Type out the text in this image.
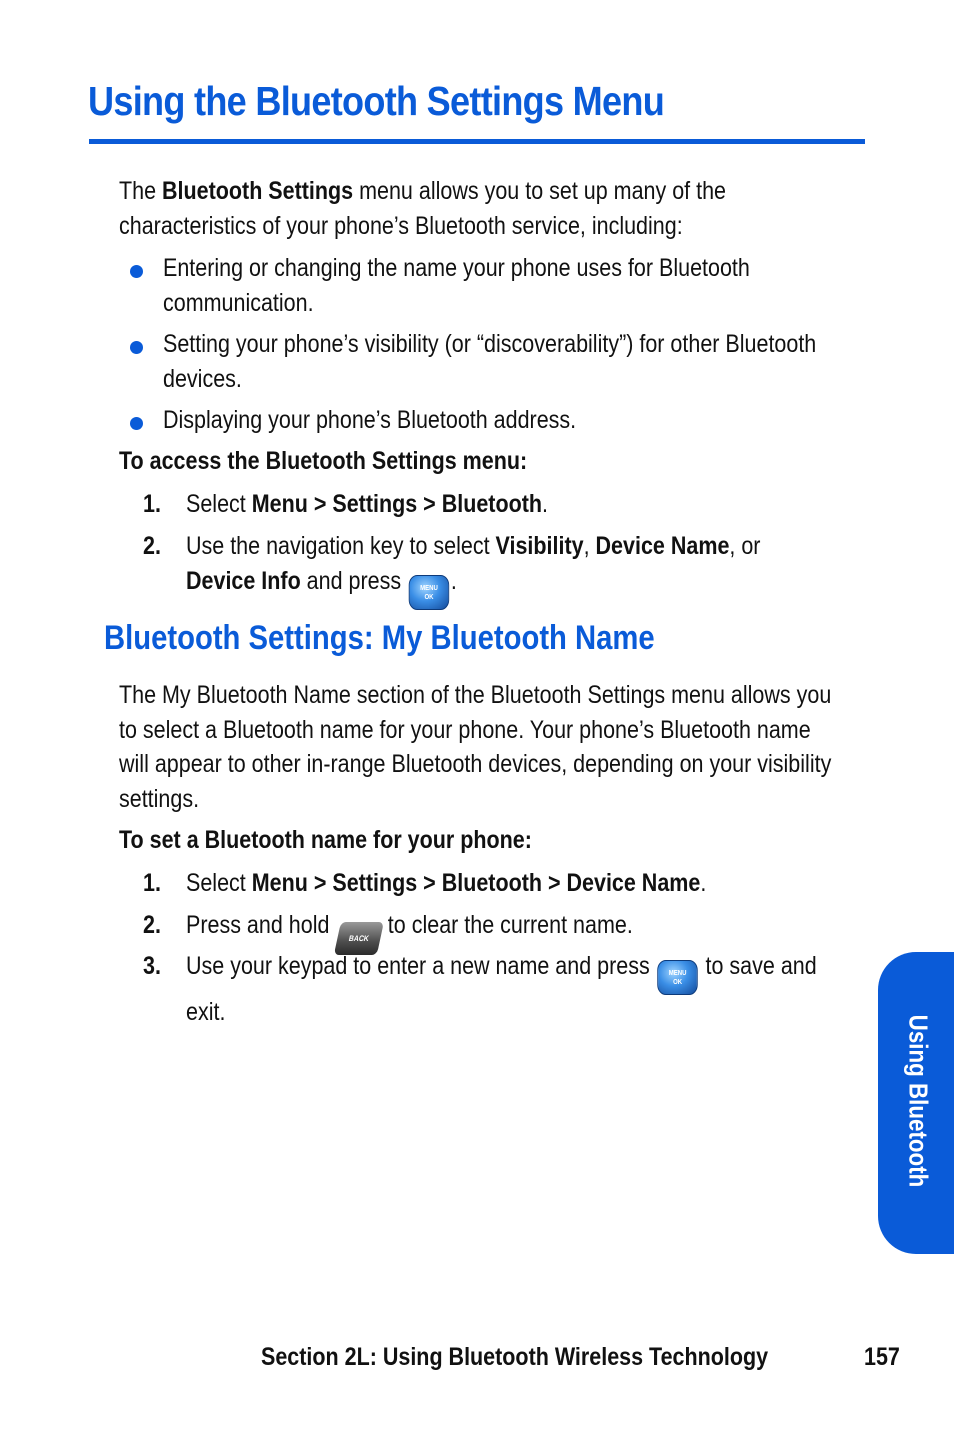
Using the Bluetooth Settings Menu
The Bluetooth Settings menu allows you to set up many of the
characteristics of your phone’s Bluetooth service, including:
Entering or changing the name your phone uses for Bluetooth
communication.
Setting your phone’s visibility (or “discoverability”) for other Bluetooth
devices.
Displaying your phone’s Bluetooth address.
To access the Bluetooth Settings menu:
1. Select Menu > Settings > Bluetooth.
2. Use the navigation key to select Visibility, Device Name, or
Device Info and press MENU
OK.
Bluetooth Settings: My Bluetooth Name
The My Bluetooth Name section of the Bluetooth Settings menu allows you
to select a Bluetooth name for your phone. Your phone’s Bluetooth name
will appear to other in-range Bluetooth devices, depending on your visibility
settings.
To set a Bluetooth name for your phone:
1. Select Menu > Settings > Bluetooth > Device Name.
2. Press and hold BACK to clear the current name.
3. Use your keypad to enter a new name and press MENU
OK to save and
exit.
Using Bluetooth
Section 2L: Using Bluetooth Wireless Technology	157
